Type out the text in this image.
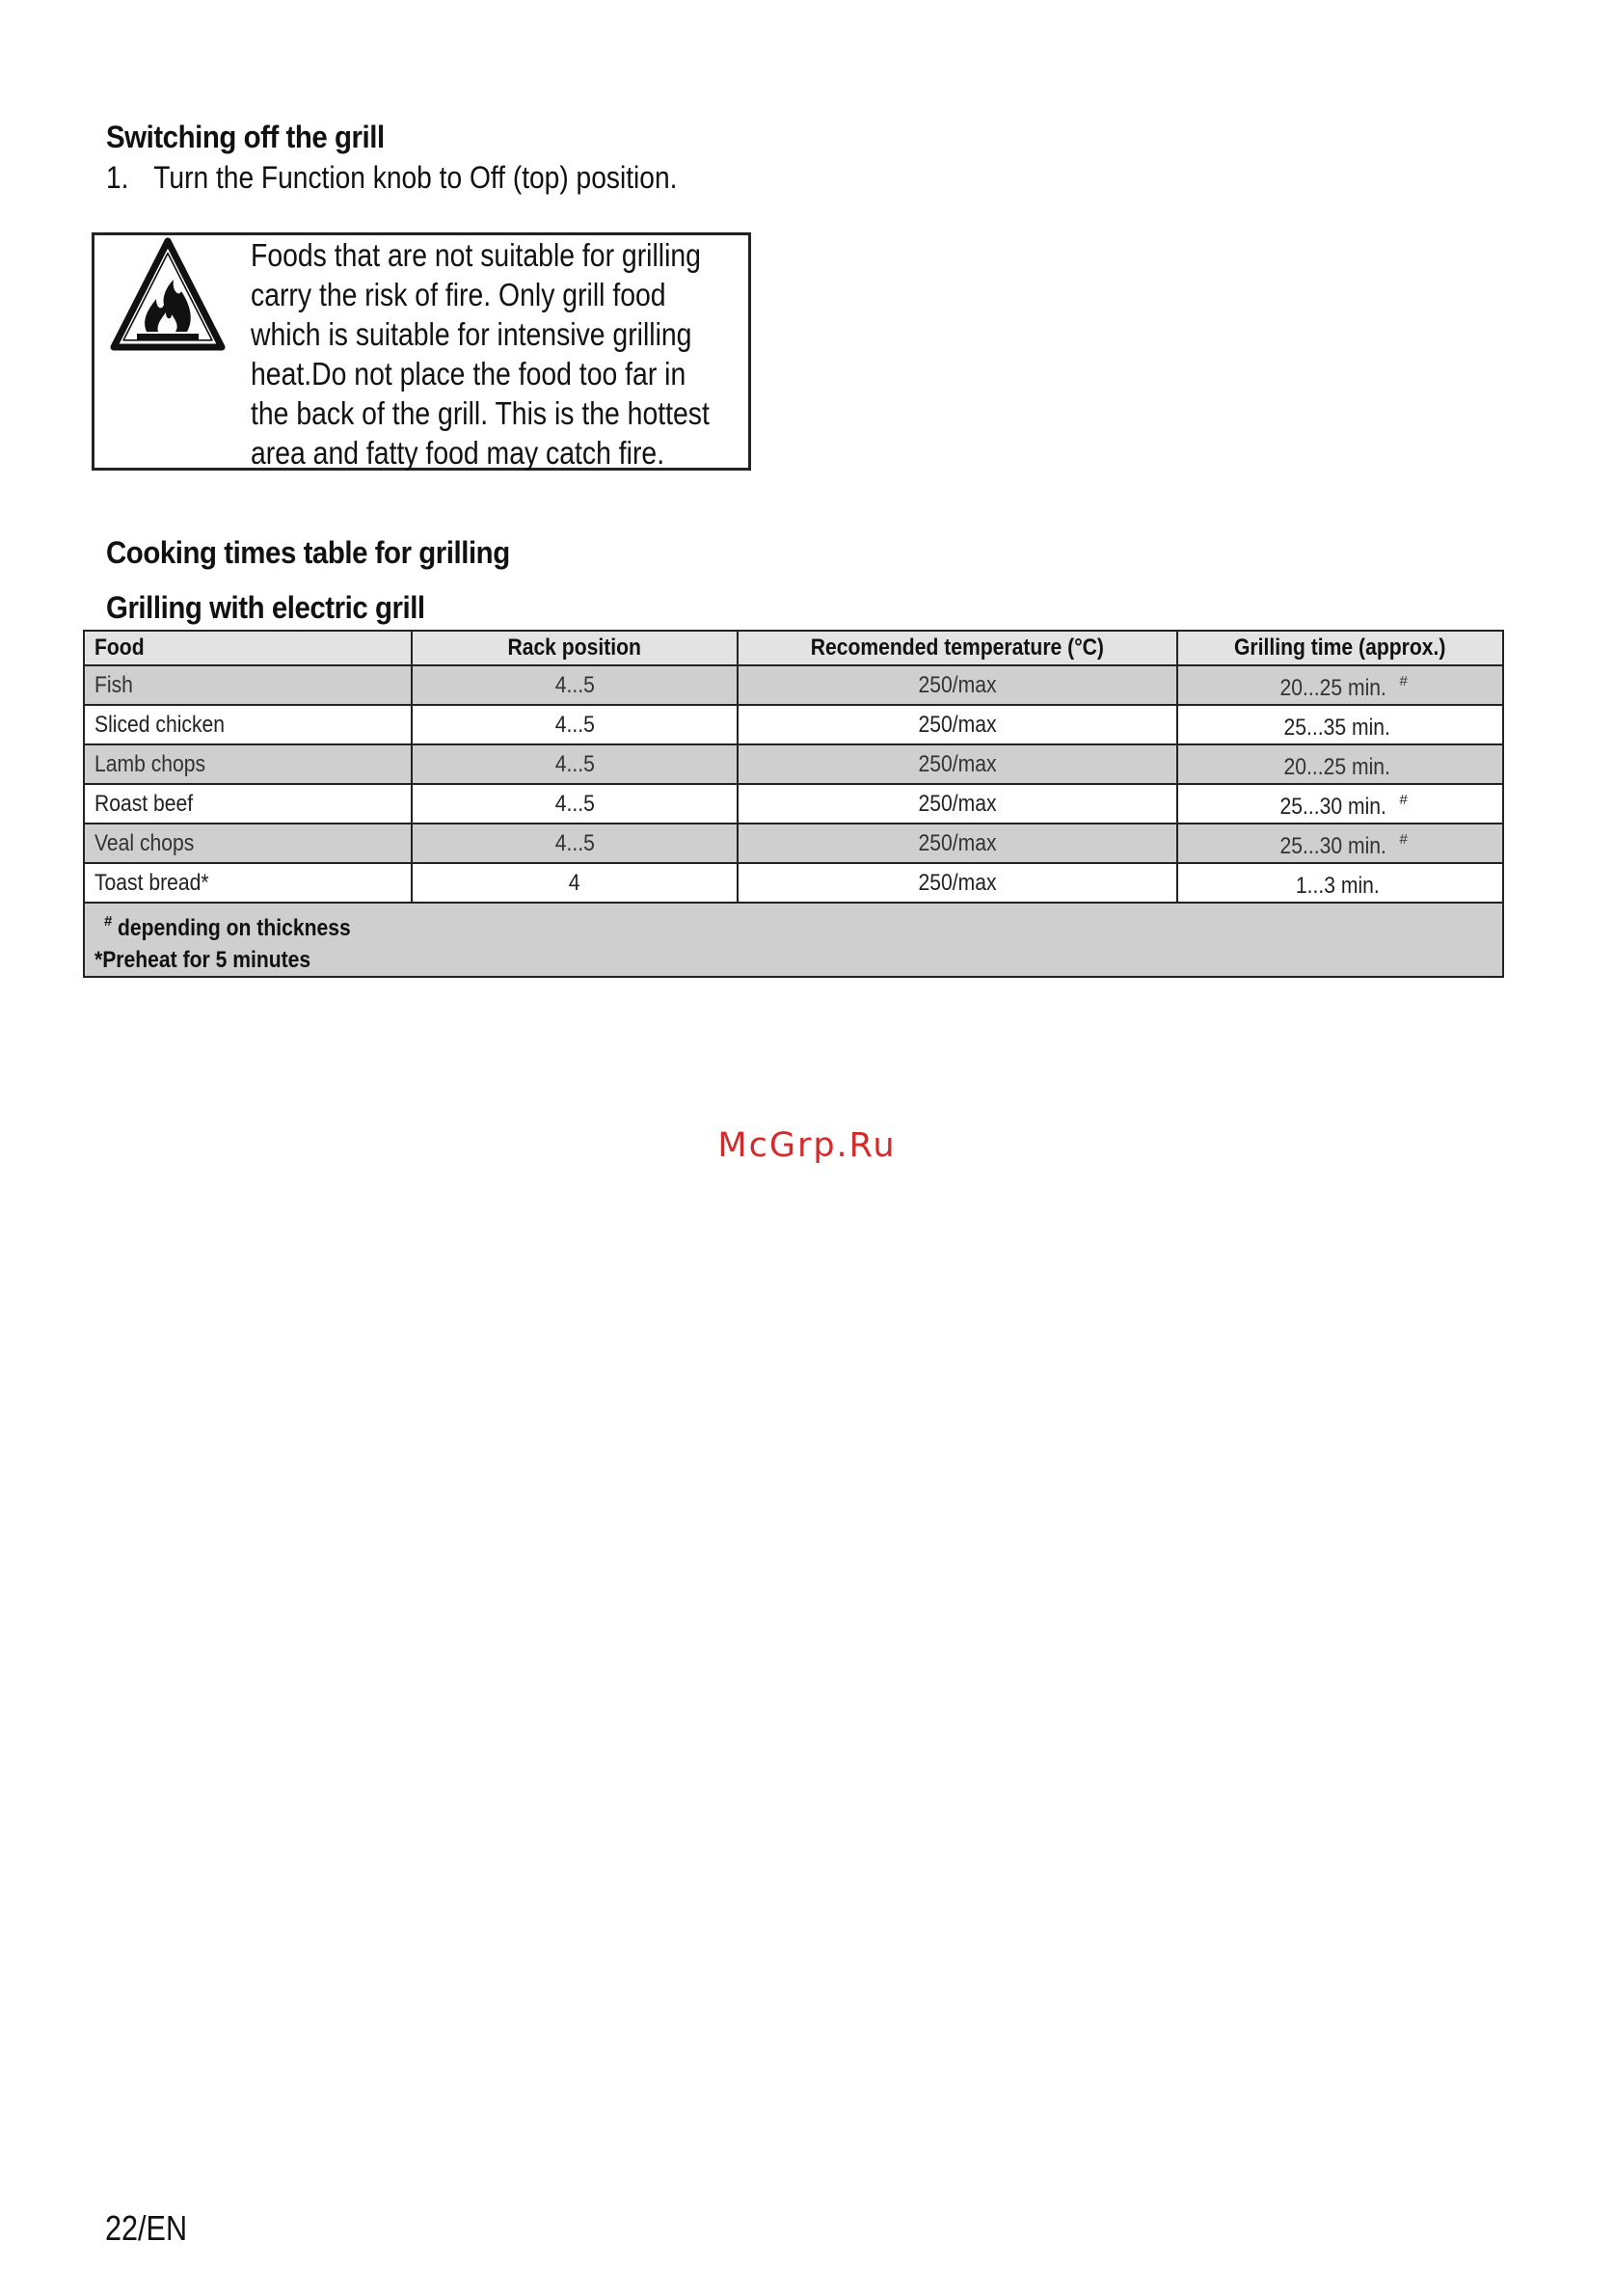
Switching off the grill
1. Turn the Function knob to Off (top) position.
Foods that are not suitable for grilling
carry the risk of fire. Only grill food
which is suitable for intensive grilling
heat.Do not place the food too far in
the back of the grill. This is the hottest
area and fatty food may catch fire.
Cooking times table for grilling
Grilling with electric grill
Food	Rack position	Recomended temperature (°C)	Grilling time (approx.)
Fish	4...5	250/max	20...25 min. #
Sliced chicken	4...5	250/max	25...35 min.
Lamb chops	4...5	250/max	20...25 min.
Roast beef	4...5	250/max	25...30 min. #
Veal chops	4...5	250/max	25...30 min. #
Toast bread*	4	250/max	1...3 min.

# depending on thickness
*Preheat for 5 minutes			
McGrp.Ru
22/EN
